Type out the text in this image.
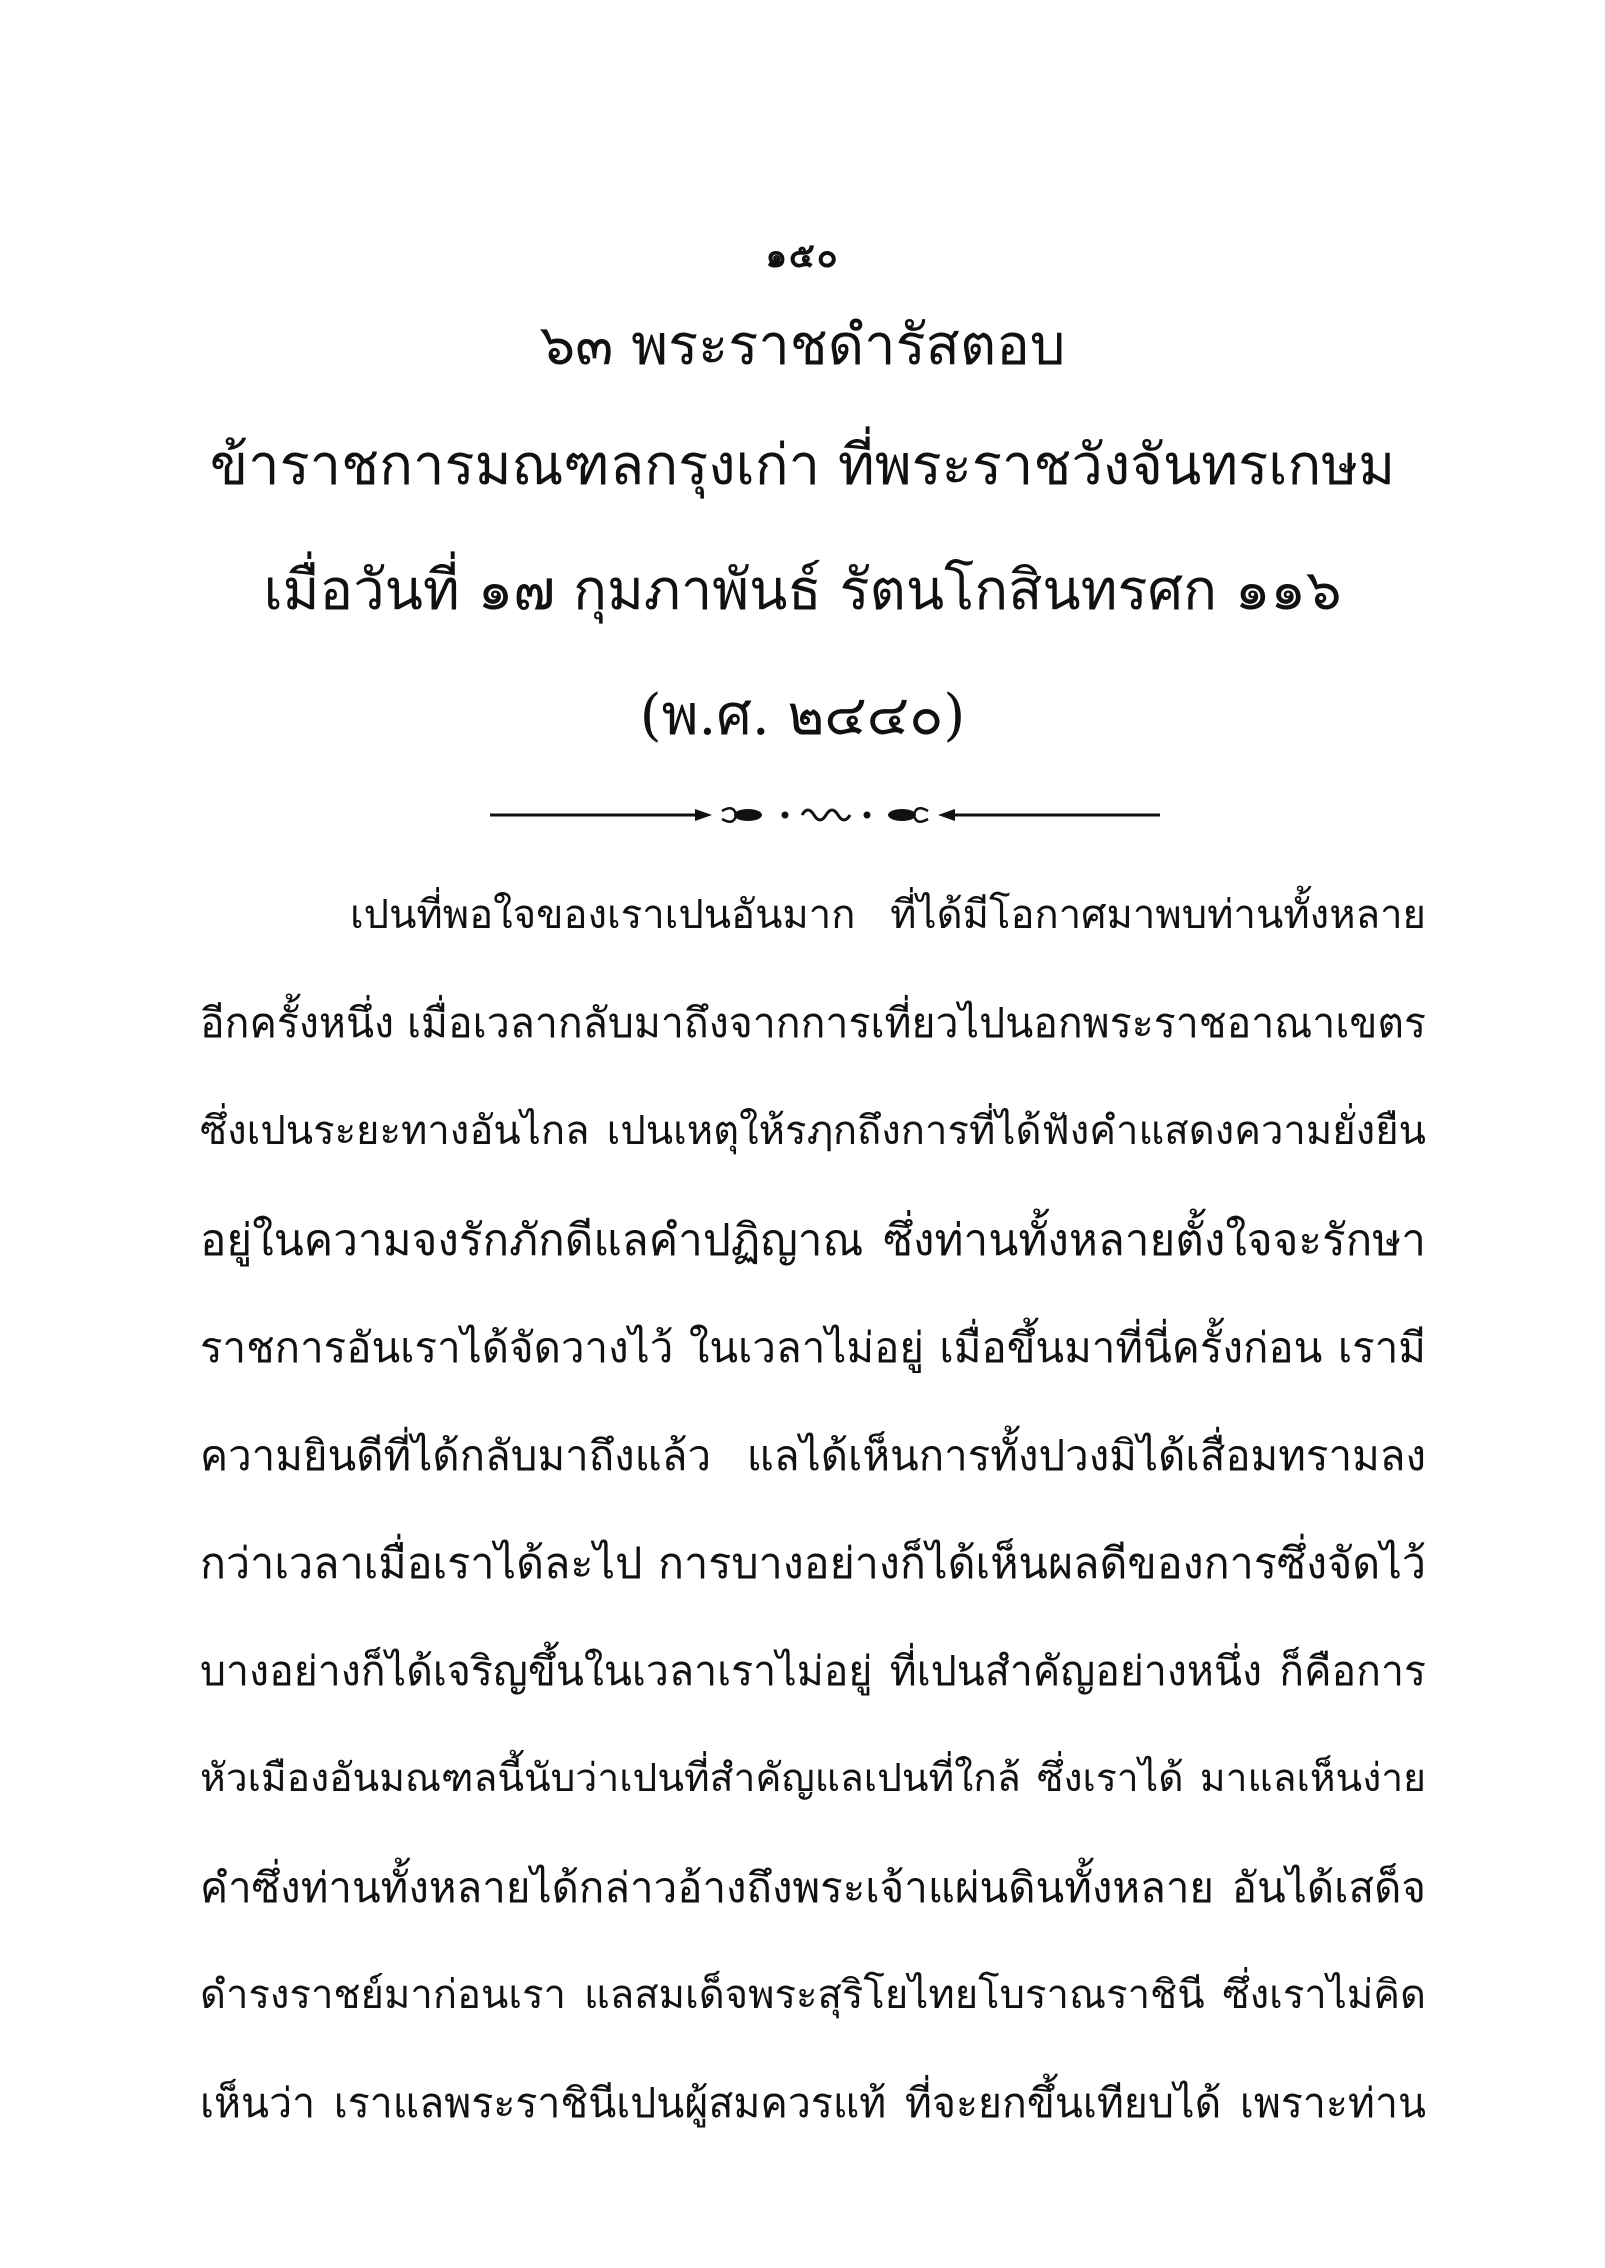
๑๕๐
๖๓ พระราชดำรัสตอบ
ข้าราชการมณฑลกรุงเก่า ที่พระราชวังจันทรเกษม
เมื่อวันที่ ๑๗ กุมภาพันธ์ รัตนโกสินทรศก ๑๑๖
(พ.ศ. ๒๔๔๐)
เปนที่พอใจของเราเปนอันมาก ที่ได้มีโอกาศมาพบท่านทั้งหลาย
อีกครั้งหนึ่ง เมื่อเวลากลับมาถึงจากการเที่ยวไปนอกพระราชอาณาเขตร
ซึ่งเปนระยะทางอันไกล เปนเหตุให้รฦกถึงการที่ได้ฟังคำแสดงความยั่งยืน
อยู่ในความจงรักภักดีแลคำปฏิญาณ ซึ่งท่านทั้งหลายตั้งใจจะรักษา
ราชการอันเราได้จัดวางไว้ ในเวลาไม่อยู่ เมื่อขึ้นมาที่นี่ครั้งก่อน เรามี
ความยินดีที่ได้กลับมาถึงแล้ว แลได้เห็นการทั้งปวงมิได้เสื่อมทรามลง
กว่าเวลาเมื่อเราได้ละไป การบางอย่างก็ได้เห็นผลดีของการซึ่งจัดไว้
บางอย่างก็ได้เจริญขึ้นในเวลาเราไม่อยู่ ที่เปนสำคัญอย่างหนึ่ง ก็คือการ
หัวเมืองอันมณฑลนี้นับว่าเปนที่สำคัญแลเปนที่ใกล้ ซึ่งเราได้ มาแลเห็นง่าย
คำซึ่งท่านทั้งหลายได้กล่าวอ้างถึงพระเจ้าแผ่นดินทั้งหลาย อันได้เสด็จ
ดำรงราชย์มาก่อนเรา แลสมเด็จพระสุริโยไทยโบราณราชินี ซึ่งเราไม่คิด
เห็นว่า เราแลพระราชินีเปนผู้สมควรแท้ ที่จะยกขึ้นเทียบได้ เพราะท่าน
